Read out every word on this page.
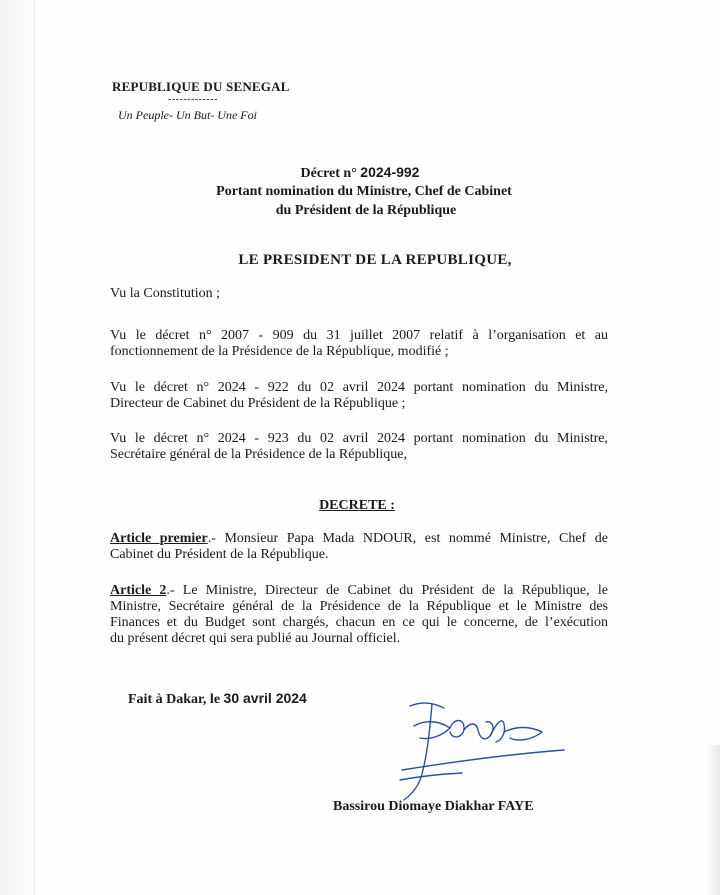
REPUBLIQUE DU SENEGAL
-------------
Un Peuple- Un But- Une Foi
Décret n° 2024-992
Portant nomination du Ministre, Chef de Cabinet
du Président de la République
LE PRESIDENT DE LA REPUBLIQUE,
Vu la Constitution ;
Vu le décret n° 2007 - 909 du 31 juillet 2007 relatif à l’organisation et au
fonctionnement de la Présidence de la République, modifié ;
Vu le décret n° 2024 - 922 du 02 avril 2024 portant nomination du Ministre,
Directeur de Cabinet du Président de la République ;
Vu le décret n° 2024 - 923 du 02 avril 2024 portant nomination du Ministre,
Secrétaire général de la Présidence de la République,
DECRETE :
Article premier.- Monsieur Papa Mada NDOUR, est nommé Ministre, Chef de
Cabinet du Président de la République.
Article 2.- Le Ministre, Directeur de Cabinet du Président de la République, le
Ministre, Secrétaire général de la Présidence de la République et le Ministre des
Finances et du Budget sont chargés, chacun en ce qui le concerne, de l’exécution
du présent décret qui sera publié au Journal officiel.
Fait à Dakar, le 30 avril 2024
Bassirou Diomaye Diakhar FAYE
